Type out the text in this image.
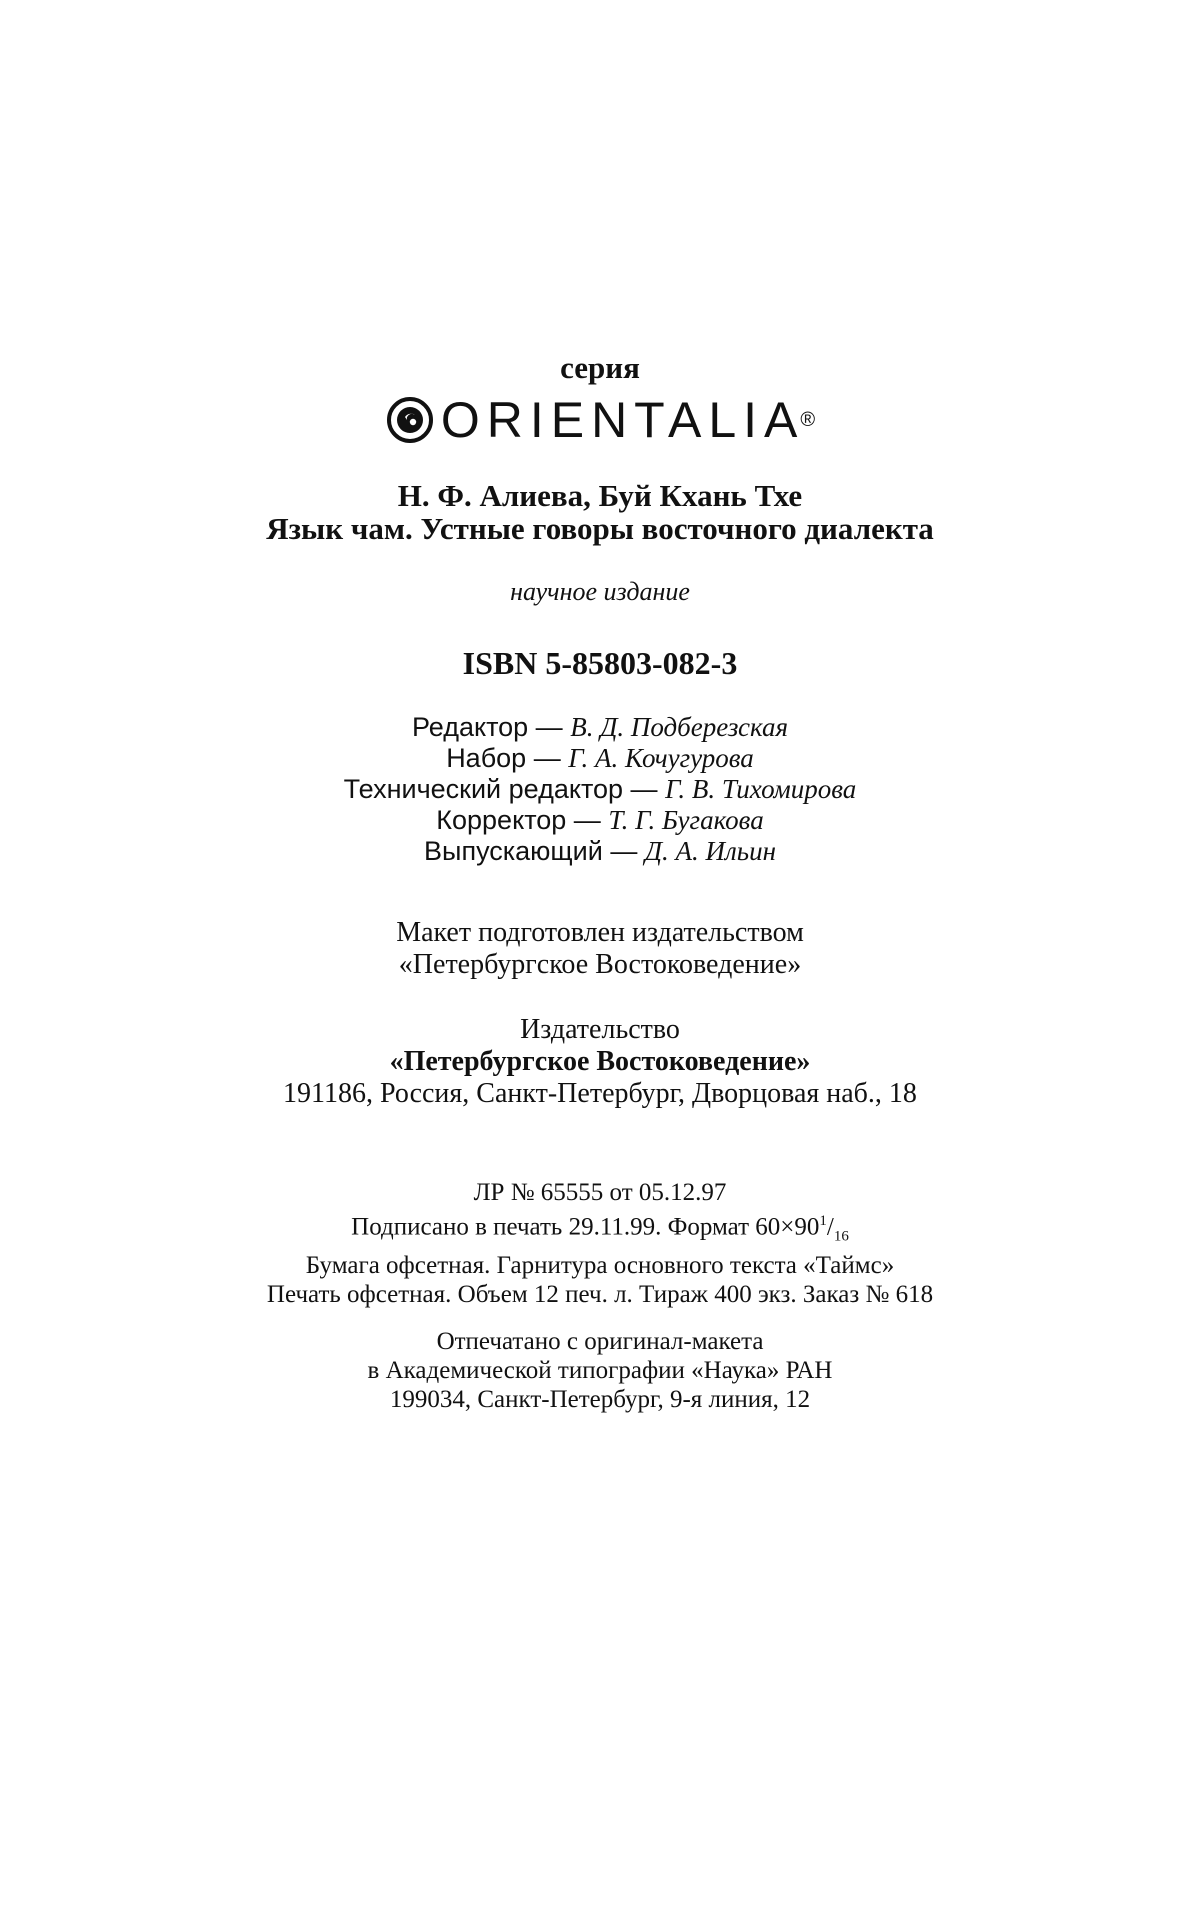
серия
ORIENTALIA
®
Н. Ф. Алиева, Буй Кхань Тхе
Язык чам. Устные говоры восточного диалекта
научное издание
ISBN 5-85803-082-3
Редактор — В. Д. Подберезская
Набор — Г. А. Кочугурова
Технический редактор — Г. В. Тихомирова
Корректор — Т. Г. Бугакова
Выпускающий — Д. А. Ильин
Макет подготовлен издательством
«Петербургское Востоковедение»
Издательство
«Петербургское Востоковедение»
191186, Россия, Санкт-Петербург, Дворцовая наб., 18
ЛР № 65555 от 05.12.97
Подписано в печать 29.11.99. Формат $60\times 90^1/_{16}$
Бумага офсетная. Гарнитура основного текста «Таймс»
Печать офсетная. Объем 12 печ. л. Тираж 400 экз. Заказ № 618
Отпечатано с оригинал-макета
в Академической типографии «Наука» РАН
199034, Санкт-Петербург, 9-я линия, 12
